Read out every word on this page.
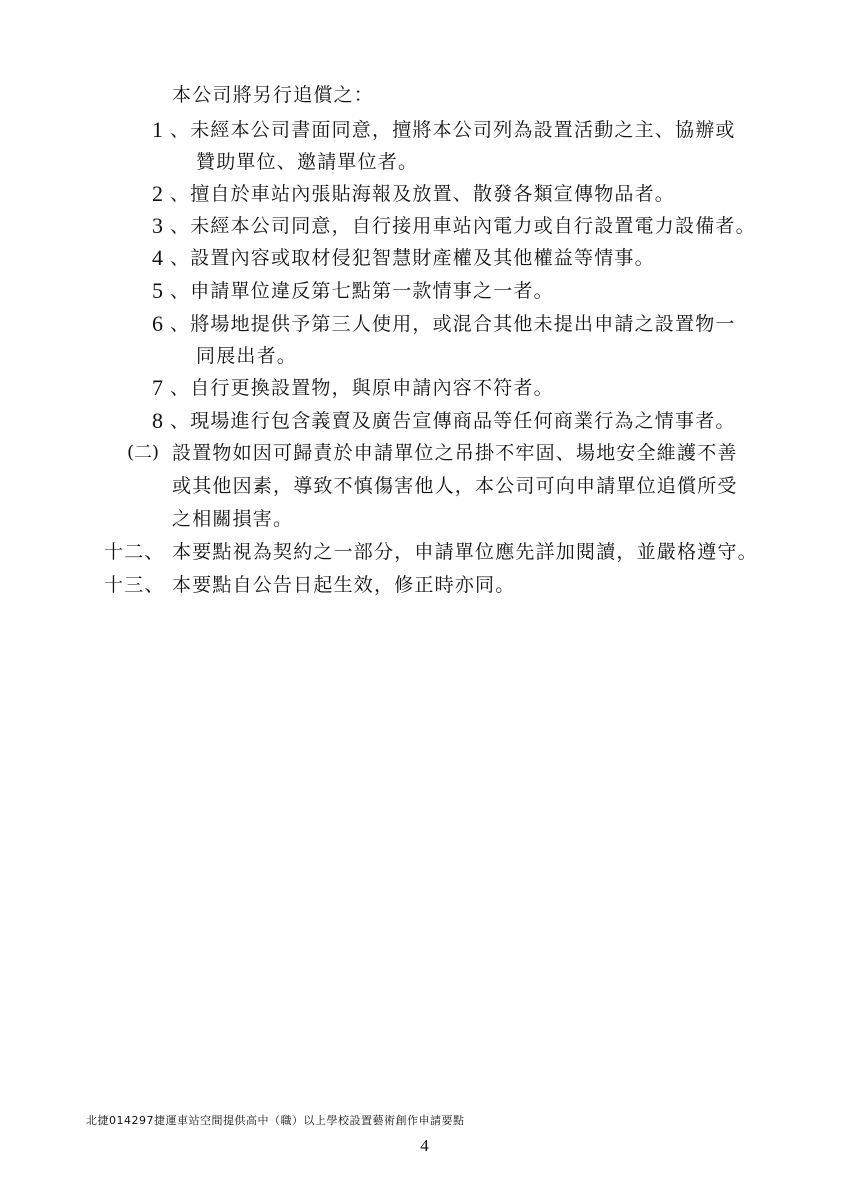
本公司將另行追償之：
1 、未經本公司書面同意，擅將本公司列為設置活動之主、協辦或
贊助單位、邀請單位者。
2 、擅自於車站內張貼海報及放置、散發各類宣傳物品者。
3 、未經本公司同意，自行接用車站內電力或自行設置電力設備者。
4 、設置內容或取材侵犯智慧財產權及其他權益等情事。
5 、申請單位違反第七點第一款情事之一者。
6 、將場地提供予第三人使用，或混合其他未提出申請之設置物一
同展出者。
7 、自行更換設置物，與原申請內容不符者。
8 、現場進行包含義賣及廣告宣傳商品等任何商業行為之情事者。
(二) 設置物如因可歸責於申請單位之吊掛不牢固、場地安全維護不善
或其他因素，導致不慎傷害他人，本公司可向申請單位追償所受
之相關損害。
十二、 本要點視為契約之一部分，申請單位應先詳加閱讀，並嚴格遵守。
十三、 本要點自公告日起生效，修正時亦同。
北捷014297捷運車站空間提供高中（職）以上學校設置藝術創作申請要點
4
